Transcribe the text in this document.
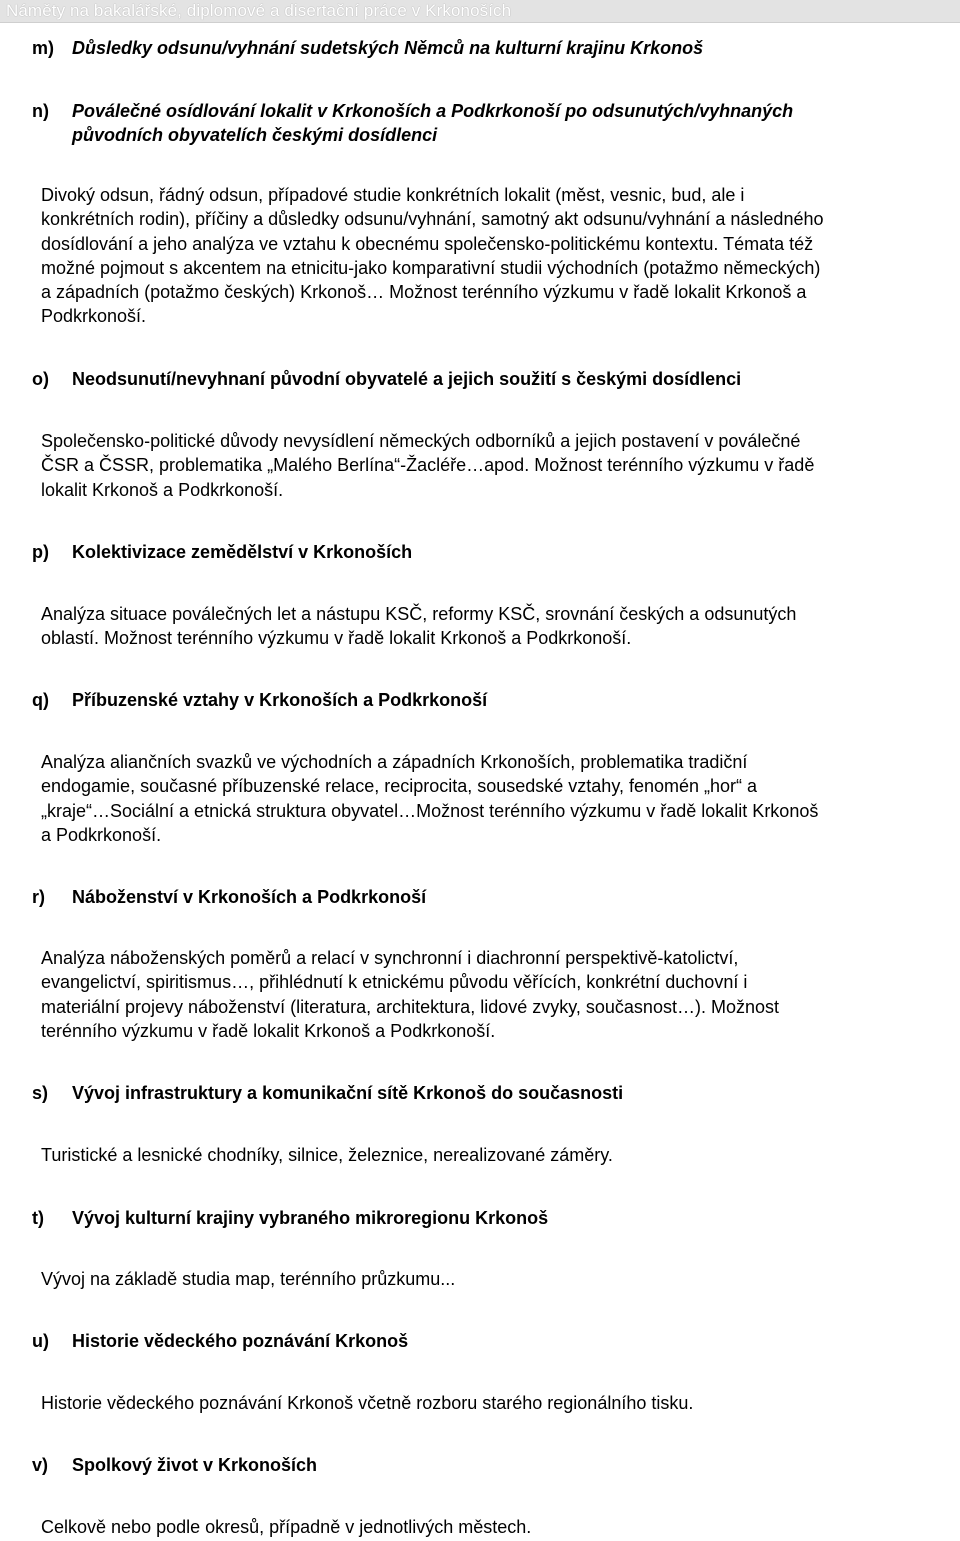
Náměty na bakalářské, diplomové a disertační práce v Krkonoších
m) Důsledky odsunu/vyhnání sudetských Němců na kulturní krajinu Krkonoš
n) Poválečné osídlování lokalit v Krkonoších a Podkrkonoší po odsunutých/vyhnaných
původních obyvatelích českými dosídlenci
Divoký odsun, řádný odsun, případové studie konkrétních lokalit (měst, vesnic, bud, ale i
konkrétních rodin), příčiny a důsledky odsunu/vyhnání, samotný akt odsunu/vyhnání a následného
dosídlování a jeho analýza ve vztahu k obecnému společensko-politickému kontextu. Témata též
možné pojmout s akcentem na etnicitu-jako komparativní studii východních (potažmo německých)
a západních (potažmo českých) Krkonoš… Možnost terénního výzkumu v řadě lokalit Krkonoš a
Podkrkonoší.
o) Neodsunutí/nevyhnaní původní obyvatelé a jejich soužití s českými dosídlenci
Společensko-politické důvody nevysídlení německých odborníků a jejich postavení v poválečné
ČSR a ČSSR, problematika „Malého Berlína“-Žacléře…apod. Možnost terénního výzkumu v řadě
lokalit Krkonoš a Podkrkonoší.
p) Kolektivizace zemědělství v Krkonoších
Analýza situace poválečných let a nástupu KSČ, reformy KSČ, srovnání českých a odsunutých
oblastí. Možnost terénního výzkumu v řadě lokalit Krkonoš a Podkrkonoší.
q) Příbuzenské vztahy v Krkonoších a Podkrkonoší
Analýza aliančních svazků ve východních a západních Krkonoších, problematika tradiční
endogamie, současné příbuzenské relace, reciprocita, sousedské vztahy, fenomén „hor“ a
„kraje“…Sociální a etnická struktura obyvatel…Možnost terénního výzkumu v řadě lokalit Krkonoš
a Podkrkonoší.
r) Náboženství v Krkonoších a Podkrkonoší
Analýza náboženských poměrů a relací v synchronní i diachronní perspektivě-katolictví,
evangelictví, spiritismus…, přihlédnutí k etnickému původu věřících, konkrétní duchovní i
materiální projevy náboženství (literatura, architektura, lidové zvyky, současnost…). Možnost
terénního výzkumu v řadě lokalit Krkonoš a Podkrkonoší.
s) Vývoj infrastruktury a komunikační sítě Krkonoš do současnosti
Turistické a lesnické chodníky, silnice, železnice, nerealizované záměry.
t) Vývoj kulturní krajiny vybraného mikroregionu Krkonoš
Vývoj na základě studia map, terénního průzkumu...
u) Historie vědeckého poznávání Krkonoš
Historie vědeckého poznávání Krkonoš včetně rozboru starého regionálního tisku.
v) Spolkový život v Krkonoších
Celkově nebo podle okresů, případně v jednotlivých městech.
